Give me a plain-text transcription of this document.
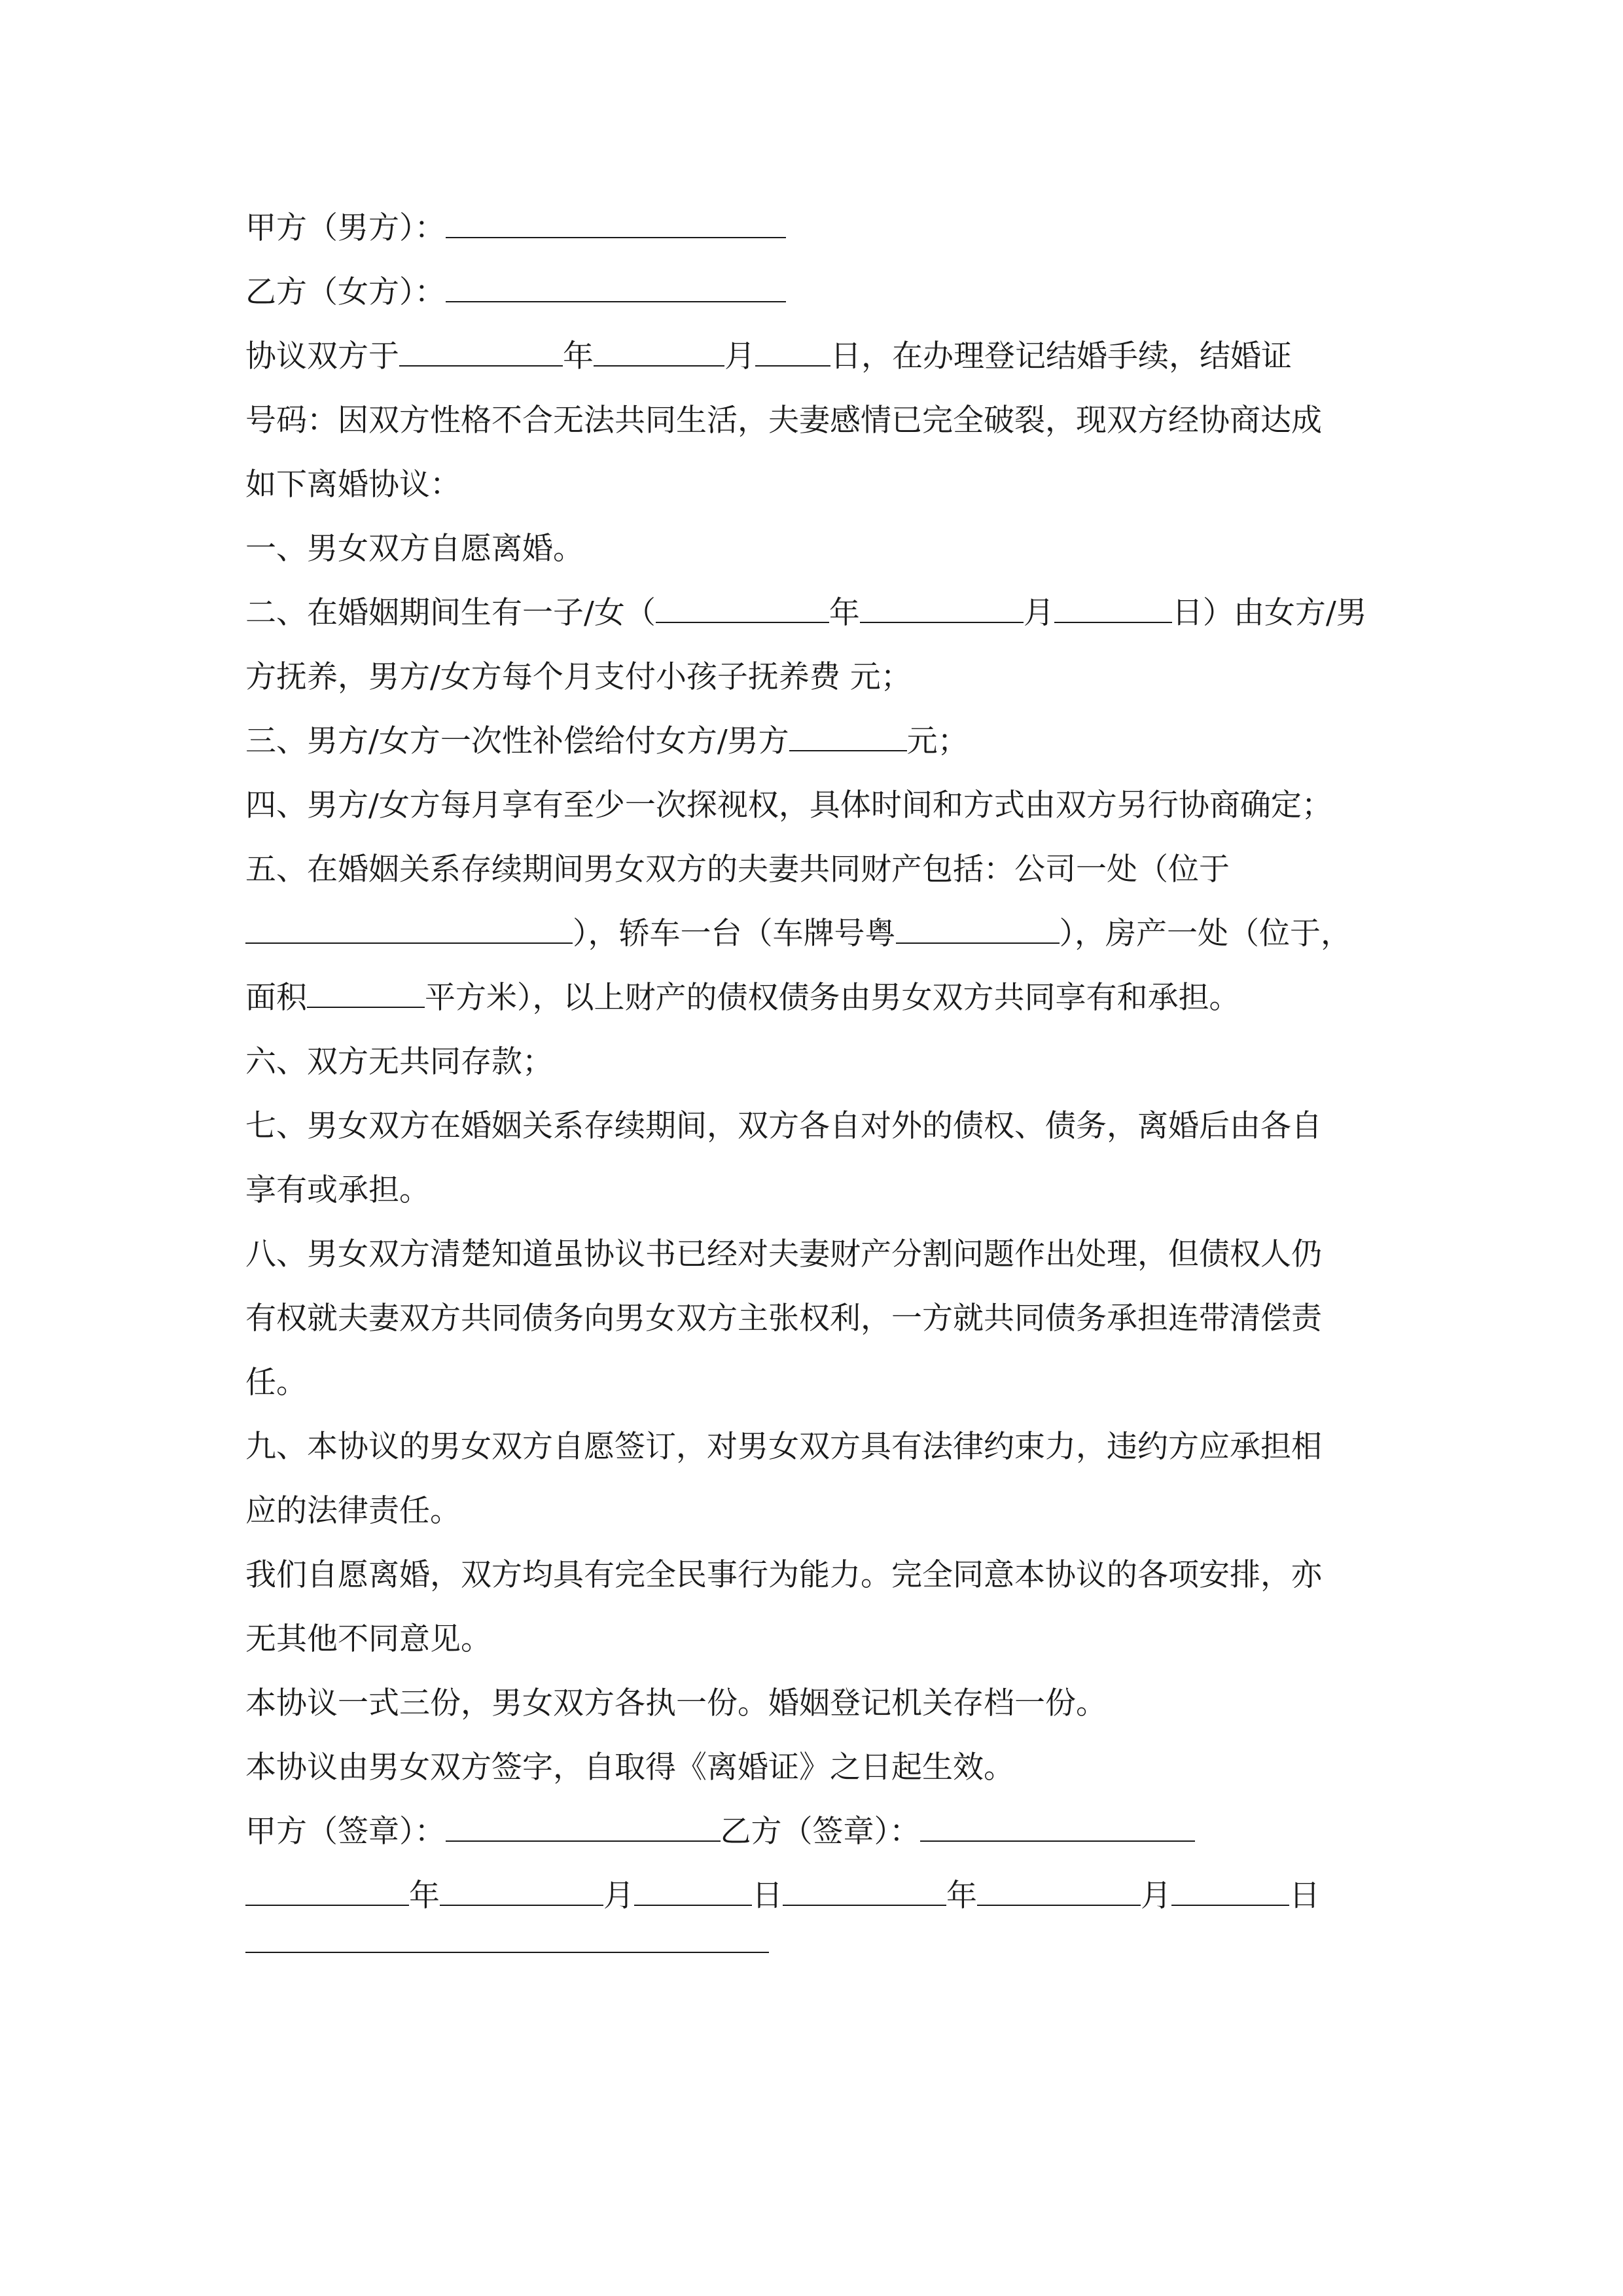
甲方（男方）：
乙方（女方）：
协议双方于	年	月 日，在办理登记结婚手续，结婚证
号码：因双方性格不合无法共同生活，夫妻感情已完全破裂，现双方经协商达成
如下离婚协议：
一、男女双方自愿离婚。
二、在婚姻期间生有一子/女（	年	月	日）由女方/男
方抚养，男方/女方每个月支付小孩子抚养费 元；
三、男方/女方一次性补偿给付女方/男方	元；
四、男方/女方每月享有至少一次探视权，具体时间和方式由双方另行协商确定；
五、在婚姻关系存续期间男女双方的夫妻共同财产包括：公司一处（位于
），轿车一台（车牌号粤	），房产一处（位于，
面积	平方米），以上财产的债权债务由男女双方共同享有和承担。
六、双方无共同存款；
七、男女双方在婚姻关系存续期间，双方各自对外的债权、债务，离婚后由各自
享有或承担。
八、男女双方清楚知道虽协议书已经对夫妻财产分割问题作出处理，但债权人仍
有权就夫妻双方共同债务向男女双方主张权利，一方就共同债务承担连带清偿责
任。
九、本协议的男女双方自愿签订，对男女双方具有法律约束力，违约方应承担相
应的法律责任。
我们自愿离婚，双方均具有完全民事行为能力。完全同意本协议的各项安排，亦
无其他不同意见。
本协议一式三份，男女双方各执一份。婚姻登记机关存档一份。
本协议由男女双方签字，自取得《离婚证》之日起生效。
甲方（签章）：	乙方（签章）：
年	月	日	年	月	日
